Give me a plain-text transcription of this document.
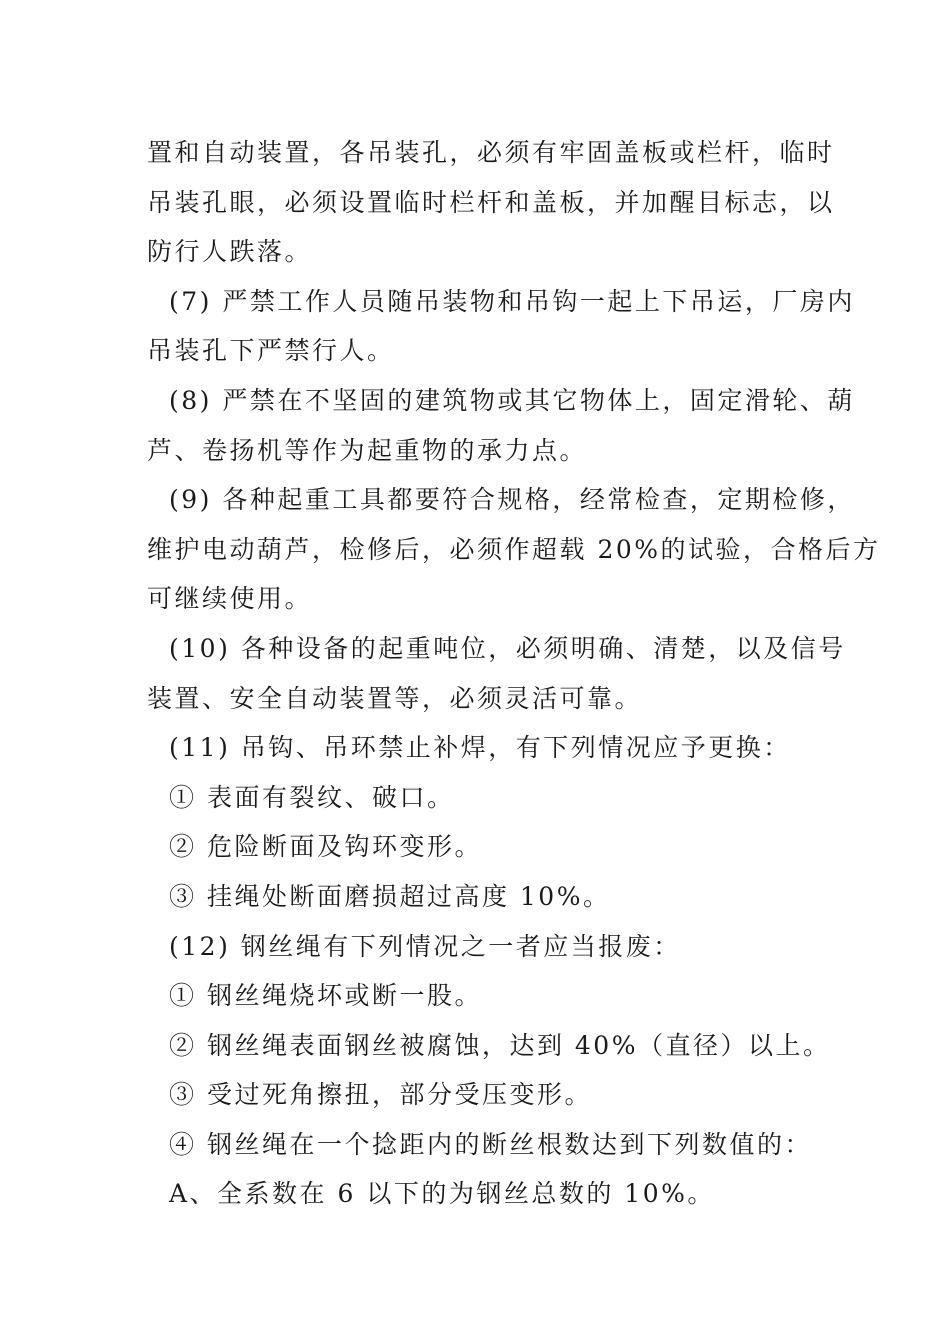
置和自动装置，各吊装孔，必须有牢固盖板或栏杆，临时
吊装孔眼，必须设置临时栏杆和盖板，并加醒目标志，以
防行人跌落。
(7) 严禁工作人员随吊装物和吊钩一起上下吊运，厂房内
吊装孔下严禁行人。
(8) 严禁在不坚固的建筑物或其它物体上，固定滑轮、葫
芦、卷扬机等作为起重物的承力点。
(9) 各种起重工具都要符合规格，经常检查，定期检修，
维护电动葫芦，检修后，必须作超载 20%的试验，合格后方
可继续使用。
(10) 各种设备的起重吨位，必须明确、清楚，以及信号
装置、安全自动装置等，必须灵活可靠。
(11) 吊钩、吊环禁止补焊，有下列情况应予更换：
① 表面有裂纹、破口。
② 危险断面及钩环变形。
③ 挂绳处断面磨损超过高度 10%。
(12) 钢丝绳有下列情况之一者应当报废：
① 钢丝绳烧坏或断一股。
② 钢丝绳表面钢丝被腐蚀，达到 40%（直径）以上。
③ 受过死角擦扭，部分受压变形。
④ 钢丝绳在一个捻距内的断丝根数达到下列数值的：
A、全系数在 6 以下的为钢丝总数的 10%。
